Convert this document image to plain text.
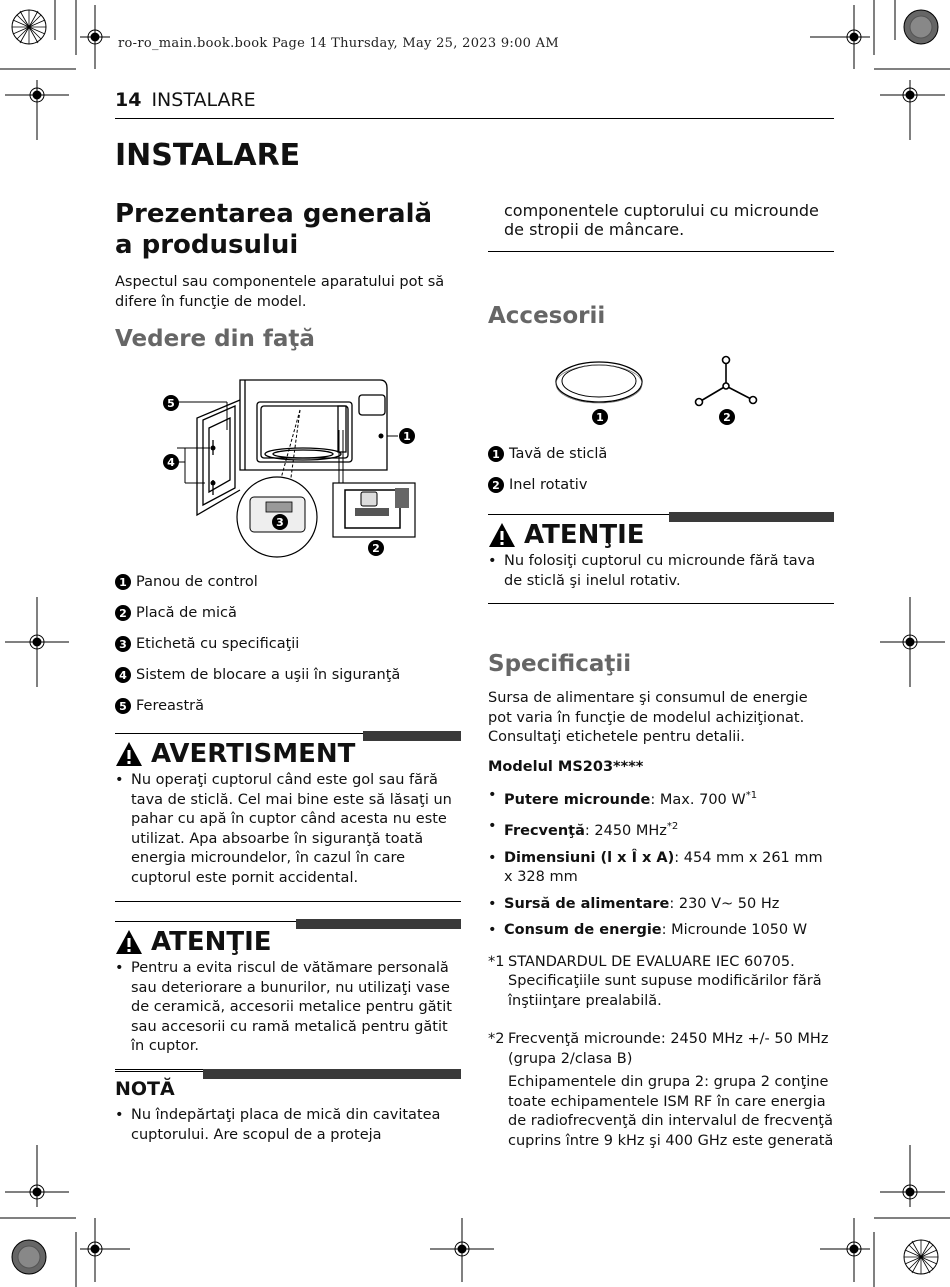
ro-ro_main.book.book Page 14 Thursday, May 25, 2023 9:00 AM
14 INSTALARE
INSTALARE

Prezentarea generală a produsului

Aspectul sau componentele aparatului pot să difere în funcţie de model.

Vedere din faţă

5
4
1
3
2
1 Panou de control
2 Placă de mică
3 Etichetă cu specificaţii
4 Sistem de blocare a uşii în siguranţă
5 Fereastră
AVERTISMENT
• Nu operaţi cuptorul când este gol sau fără tava de sticlă. Cel mai bine este să lăsaţi un pahar cu apă în cuptor când acesta nu este utilizat. Apa absoarbe în siguranţă toată energia microundelor, în cazul în care cuptorul este pornit accidental.
ATENŢIE
• Pentru a evita riscul de vătămare personală sau deteriorare a bunurilor, nu utilizaţi vase de ceramică, accesorii metalice pentru gătit sau accesorii cu ramă metalică pentru gătit în cuptor.
NOTĂ
• Nu îndepărtaţi placa de mică din cavitatea cuptorului. Are scopul de a proteja
componentele cuptorului cu microunde de stropii de mâncare.
Accesorii
1	2
1 Tavă de sticlă
2 Inel rotativ
ATENŢIE
• Nu folosiţi cuptorul cu microunde fără tava de sticlă şi inelul rotativ.

Specificaţii

Sursa de alimentare şi consumul de energie pot varia în funcţie de modelul achiziţionat. Consultaţi etichetele pentru detalii.

Modelul MS203****

• Putere microunde: Max. 700 $W^{*1}$
• Frecvenţă: 2450 MHz$^{*2}$
• Dimensiuni (l x Î x A): 454 mm x 261 mm x 328 mm
• Sursă de alimentare: 230 V~ 50 Hz
• Consum de energie: Microunde 1050 W
*1 STANDARDUL DE EVALUARE IEC 60705. Specificaţiile sunt supuse modificărilor fără înştiinţare prealabilă.
*2 Frecvenţă microunde: 2450 MHz +/- 50 MHz (grupa 2/clasa B)
Echipamentele din grupa 2: grupa 2 conţine toate echipamentele ISM RF în care energia de radiofrecvenţă din intervalul de frecvenţă cuprins între 9 kHz şi 400 GHz este generată
